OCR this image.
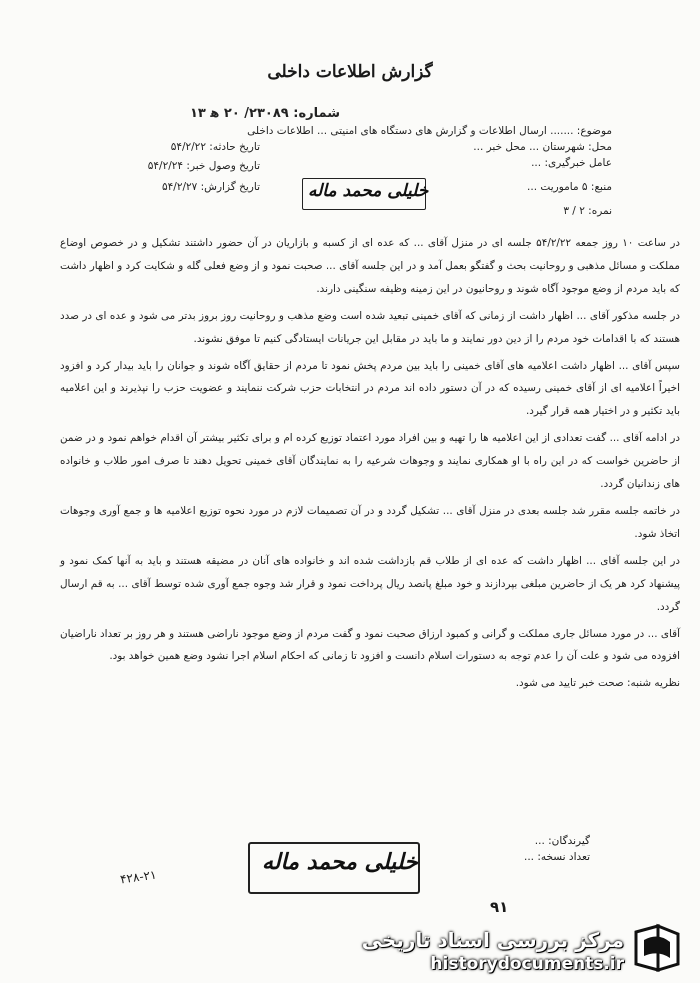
گزارش اطلاعات داخلی
شماره: ۲۳۰۸۹/ ۲۰ ه‍ ۱۳
موضوع: ....... ارسال اطلاعات و گزارش های دستگاه های امنیتی ... اطلاعات داخلی
تاریخ حادثه: ۵۴/۲/۲۲	محل: شهرستان ... محل خبر ...
عامل خبرگیری: ...
تاریخ وصول خبر: ۵۴/۲/۲۴
منبع: ۵ ماموریت ...
تاریخ گزارش: ۵۴/۲/۲۷
نمره: ۲ / ۳
خلیلی محمد ماله

در ساعت ۱۰ روز جمعه ۵۴/۲/۲۲ جلسه ای در منزل آقای ... که عده ای از کسبه و بازاریان در آن حضور داشتند تشکیل و در خصوص اوضاع مملکت و مسائل مذهبی و روحانیت بحث و گفتگو بعمل آمد و در این جلسه آقای ... صحبت نمود و از وضع فعلی گله و شکایت کرد و اظهار داشت که باید مردم از وضع موجود آگاه شوند و روحانیون در این زمینه وظیفه سنگینی دارند.

در جلسه مذکور آقای ... اظهار داشت از زمانی که آقای خمینی تبعید شده است وضع مذهب و روحانیت روز بروز بدتر می شود و عده ای در صدد هستند که با اقدامات خود مردم را از دین دور نمایند و ما باید در مقابل این جریانات ایستادگی کنیم تا موفق نشوند.

سپس آقای ... اظهار داشت اعلامیه های آقای خمینی را باید بین مردم پخش نمود تا مردم از حقایق آگاه شوند و جوانان را باید بیدار کرد و افزود اخیراً اعلامیه ای از آقای خمینی رسیده که در آن دستور داده اند مردم در انتخابات حزب شرکت ننمایند و عضویت حزب را نپذیرند و این اعلامیه باید تکثیر و در اختیار همه قرار گیرد.

در ادامه آقای ... گفت تعدادی از این اعلامیه ها را تهیه و بین افراد مورد اعتماد توزیع کرده ام و برای تکثیر بیشتر آن اقدام خواهم نمود و در ضمن از حاضرین خواست که در این راه با او همکاری نمایند و وجوهات شرعیه را به نمایندگان آقای خمینی تحویل دهند تا صرف امور طلاب و خانواده های زندانیان گردد.

در خاتمه جلسه مقرر شد جلسه بعدی در منزل آقای ... تشکیل گردد و در آن تصمیمات لازم در مورد نحوه توزیع اعلامیه ها و جمع آوری وجوهات اتخاذ شود.

در این جلسه آقای ... اظهار داشت که عده ای از طلاب قم بازداشت شده اند و خانواده های آنان در مضیقه هستند و باید به آنها کمک نمود و پیشنهاد کرد هر یک از حاضرین مبلغی بپردازند و خود مبلغ پانصد ریال پرداخت نمود و قرار شد وجوه جمع آوری شده توسط آقای ... به قم ارسال گردد.

آقای ... در مورد مسائل جاری مملکت و گرانی و کمبود ارزاق صحبت نمود و گفت مردم از وضع موجود ناراضی هستند و هر روز بر تعداد ناراضیان افزوده می شود و علت آن را عدم توجه به دستورات اسلام دانست و افزود تا زمانی که احکام اسلام اجرا نشود وضع همین خواهد بود.

نظریه شنبه: صحت خبر تایید می شود.

گیرندگان: ...
تعداد نسخه: ...
خلیلی محمد ماله
۴۲۸-۲۱
۹۱
مرکز بررسی اسناد تاریخی
historydocuments.ir
